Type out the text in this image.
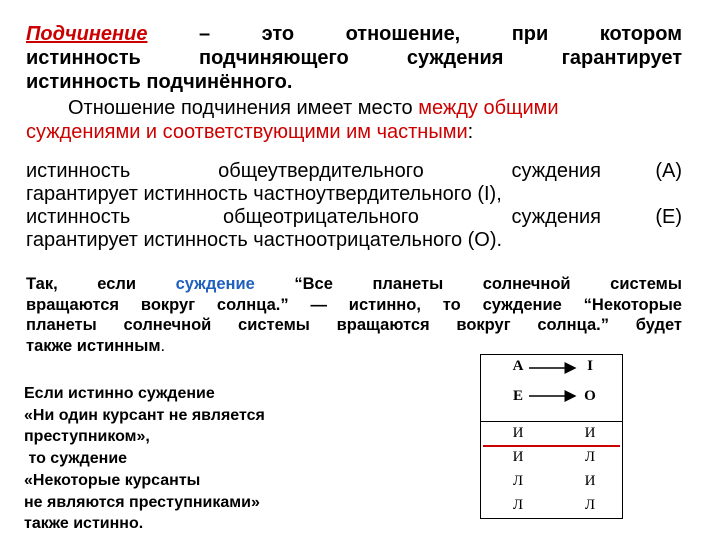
Подчинение – это отношение, при котором
истинность подчиняющего суждения гарантирует
истинность подчинённого.
Отношение подчинения имеет место между общими
суждениями и соответствующими им частными:
истинность общеутвердительного суждения	(А)
гарантирует истинность частноутвердительного (I),
истинность общеотрицательного суждения	(Е)
гарантирует истинность частноотрицательного (О).
Так, если суждение “Все планеты солнечной системы
вращаются вокруг солнца.” — истинно, то суждение “Некоторые
планеты солнечной системы вращаются вокруг солнца.” будет
также истинным.
Если истинно суждение
«Ни один курсант не является
преступником»,
то суждение
«Некоторые курсанты
не являются преступниками»
также истинно.
A	I
E	O
И	И
И	Л
Л	И
Л	Л
